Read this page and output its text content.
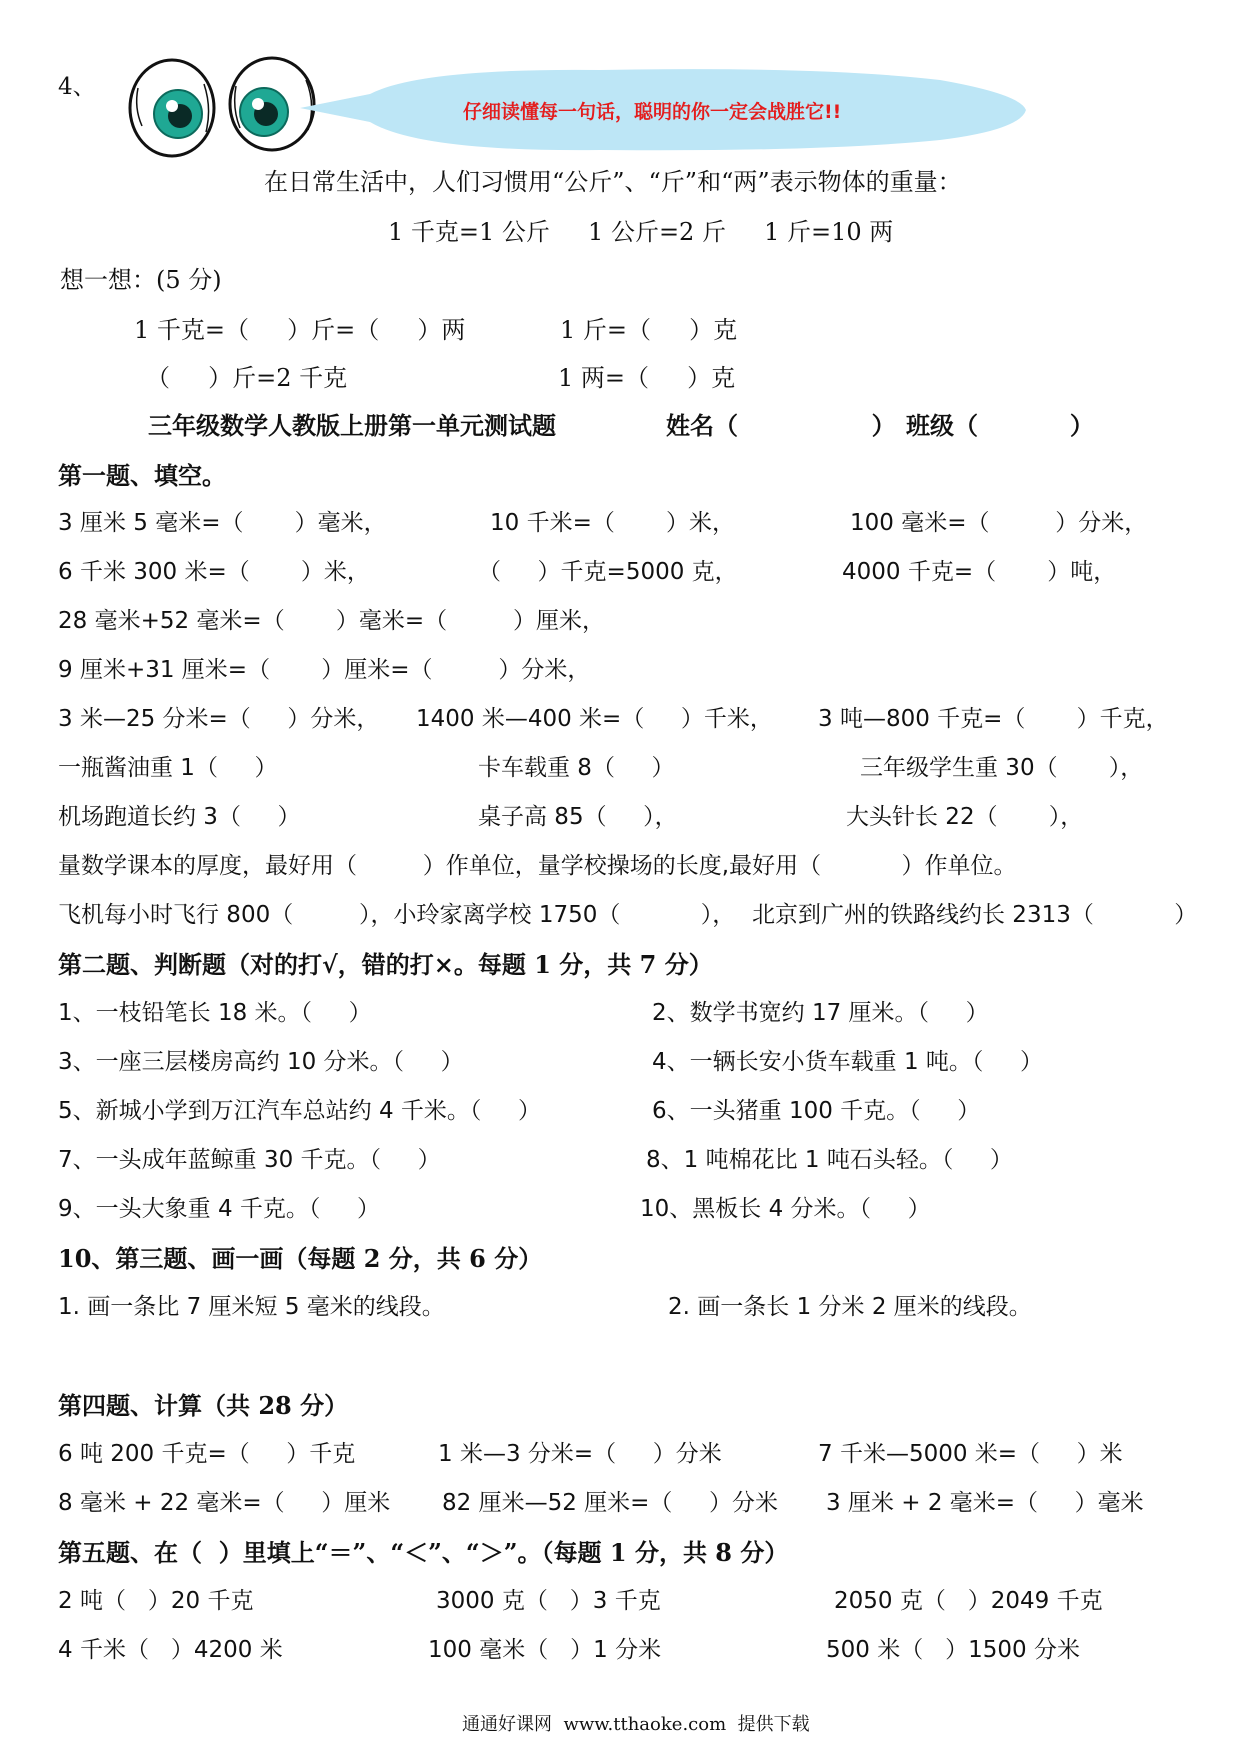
4、
仔细读懂每一句话，聪明的你一定会战胜它!!
在日常生活中，人们习惯用“公斤”、“斤”和“两”表示物体的重量：
1 千克=1 公斤     1 公斤=2 斤     1 斤=10 两
想一想：(5 分)
1 千克=（     ）斤=（     ）两	1 斤=（     ）克
（     ）斤=2 千克	1 两=（     ）克
三年级数学人教版上册第一单元测试题	姓名（                ） 班级（           ）
第一题、填空。
3 厘米 5 毫米=（       ）毫米，	10 千米=（       ）米，	100 毫米=（         ）分米，
6 千米 300 米=（       ）米，	（     ）千克=5000 克，	4000 千克=（       ）吨，
28 毫米+52 毫米=（       ）毫米=（         ）厘米，
9 厘米+31 厘米=（       ）厘米=（         ）分米，
3 米—25 分米=（     ）分米， 1400 米—400 米=（     ）千米， 3 吨—800 千克=（       ）千克，
一瓶酱油重 1（     ）	卡车载重 8（     ）	三年级学生重 30（       ），
机场跑道长约 3（     ）	桌子高 85（     ），	大头针长 22（       ），
量数学课本的厚度，最好用（         ）作单位，量学校操场的长度,最好用（           ）作单位。
飞机每小时飞行 800（         ），小玲家离学校 1750（           ）， 北京到广州的铁路线约长 2313（           ）
第二题、判断题（对的打√，错的打×。每题 1 分，共 7 分）
1、一枝铅笔长 18 米。（     ）	2、数学书宽约 17 厘米。（     ）
3、一座三层楼房高约 10 分米。（     ）	4、一辆长安小货车载重 1 吨。（     ）
5、新城小学到万江汽车总站约 4 千米。（     ）	6、一头猪重 100 千克。（     ）
7、一头成年蓝鲸重 30 千克。（     ）	8、1 吨棉花比 1 吨石头轻。（     ）
9、一头大象重 4 千克。（     ）	10、黑板长 4 分米。（     ）
10、第三题、画一画（每题 2 分，共 6 分）
1. 画一条比 7 厘米短 5 毫米的线段。	2. 画一条长 1 分米 2 厘米的线段。
第四题、计算（共 28 分）
6 吨 200 千克=（     ）千克	1 米—3 分米=（     ）分米	7 千米—5000 米=（     ）米
8 毫米 + 22 毫米=（     ）厘米 82 厘米—52 厘米=（     ）分米 3 厘米 + 2 毫米=（     ）毫米
第五题、在（  ）里填上“＝”、“＜”、“＞”。（每题 1 分，共 8 分）
2 吨（   ）20 千克	3000 克（   ）3 千克	2050 克（   ）2049 千克
4 千米（   ）4200 米	100 毫米（   ）1 分米	500 米（   ）1500 分米
通通好课网  www.tthaoke.com  提供下载
